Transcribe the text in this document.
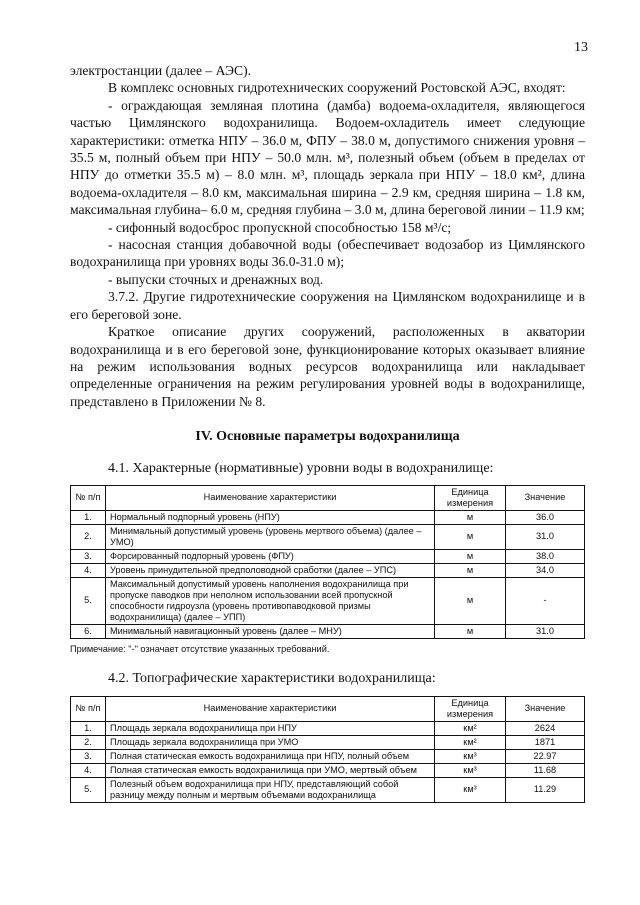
13

электростанции (далее – АЭС).

В комплекс основных гидротехнических сооружений Ростовской АЭС, входят:

- ограждающая земляная плотина (дамба) водоема-охладителя, являющегося частью Цимлянского водохранилища. Водоем-охладитель имеет следующие характеристики: отметка НПУ – 36.0 м, ФПУ – 38.0 м, допустимого снижения уровня – 35.5 м, полный объем при НПУ – 50.0 млн. м³, полезный объем (объем в пределах от НПУ до отметки 35.5 м) – 8.0 млн. м³, площадь зеркала при НПУ – 18.0 км², длина водоема-охладителя – 8.0 км, максимальная ширина – 2.9 км, средняя ширина – 1.8 км, максимальная глубина– 6.0 м, средняя глубина – 3.0 м, длина береговой линии – 11.9 км;

- сифонный водосброс пропускной способностью 158 м³/с;

- насосная станция добавочной воды (обеспечивает водозабор из Цимлянского водохранилища при уровнях воды 36.0-31.0 м);

- выпуски сточных и дренажных вод.

3.7.2. Другие гидротехнические сооружения на Цимлянском водохранилище и в его береговой зоне.

Краткое описание других сооружений, расположенных в акватории водохранилища и в его береговой зоне, функционирование которых оказывает влияние на режим использования водных ресурсов водохранилища или накладывает определенные ограничения на режим регулирования уровней воды в водохранилище, представлено в Приложении № 8.

IV. Основные параметры водохранилища

4.1. Характерные (нормативные) уровни воды в водохранилище:

№ п/п	Наименование характеристики	Единица измерения	Значение
1.	Нормальный подпорный уровень (НПУ)	м	36.0
2.	Минимальный допустимый уровень (уровень мертвого объема) (далее – УМО)	м	31.0
3.	Форсированный подпорный уровень (ФПУ)	м	38.0
4.	Уровень принудительной предполоводной сработки (далее – УПС)	м	34.0
5.	Максимальный допустимый уровень наполнения водохранилища при пропуске паводков при неполном использовании всей пропускной способности гидроузла (уровень противопаводковой призмы водохранилища) (далее – УПП)	м	-
6.	Минимальный навигационный уровень (далее – МНУ)	м	31.0

Примечание: "-" означает отсутствие указанных требований.

4.2. Топографические характеристики водохранилища:

№ п/п	Наименование характеристики	Единица измерения	Значение
1.	Площадь зеркала водохранилища при НПУ	км²	2624
2.	Площадь зеркала водохранилища при УМО	км²	1871
3.	Полная статическая емкость водохранилища при НПУ, полный объем	км³	22.97
4.	Полная статическая емкость водохранилища при УМО, мертвый объем	км³	11.68
5.	Полезный объем водохранилища при НПУ, представляющий собой разницу между полным и мертвым объемами водохранилища	км³	11.29
